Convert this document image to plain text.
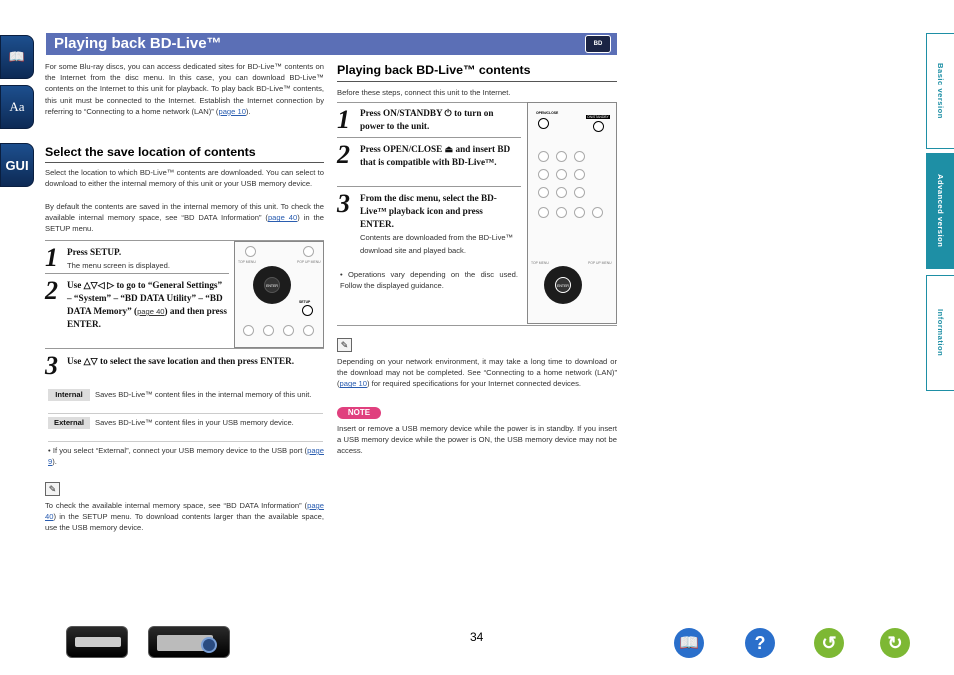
📖
Aa
GUI
Playing back BD-Live™	BD
For some Blu-ray discs, you can access dedicated sites for BD-Live™ contents on the Internet from the disc menu. In this case, you can download BD-Live™ contents on the Internet to this unit for playback. To play back BD-Live™ contents, this unit must be connected to the Internet. Establish the Internet connection by referring to “Connecting to a home network (LAN)” (page 10).
Select the save location of contents
Select the location to which BD-Live™ contents are downloaded. You can select to download to either the internal memory of this unit or your USB memory device.
By default the contents are saved in the internal memory of this unit. To check the available internal memory space, see “BD DATA Information” (page 40) in the SETUP menu.
1 Press SETUP.
The menu screen is displayed.
2 Use △▽◁ ▷ to go to “General Settings” – “System” – “BD DATA Utility” – “BD DATA Memory” (page 40) and then press ENTER.
TOP MENU	POP UP MENU
ENTER
SETUP
3 Use △▽ to select the save location and then press ENTER.
Internal	Saves BD-Live™ content files in the internal memory of this unit.
External	Saves BD-Live™ content files in your USB memory device.
• If you select “External”, connect your USB memory device to the USB port (page 9).
✎
To check the available internal memory space, see “BD DATA Information” (page 40) in the SETUP menu. To download contents larger than the available space, use the USB memory device.
Playing back BD-Live™ contents
Before these steps, connect this unit to the Internet.
1 Press ON/STANDBY ⏻ to turn on power to the unit.
2 Press OPEN/CLOSE ⏏ and insert BD that is compatible with BD-Live™.
3 From the disc menu, select the BD-Live™ playback icon and press ENTER.
Contents are downloaded from the BD-Live™ download site and played back.
• Operations vary depending on the disc used. Follow the displayed guidance.
OPEN/CLOSE
ON/STANDBY
TOP MENU	POP UP MENU
ENTER
✎
Depending on your network environment, it may take a long time to download or the download may not be completed. See “Connecting to a home network (LAN)” (page 10) for required specifications for your Internet connected devices.
NOTE
Insert or remove a USB memory device while the power is in standby. If you insert a USB memory device while the power is ON, the USB memory device may not be access.
Basic version
Advanced version
Information
34	📖	?	↺	↻
